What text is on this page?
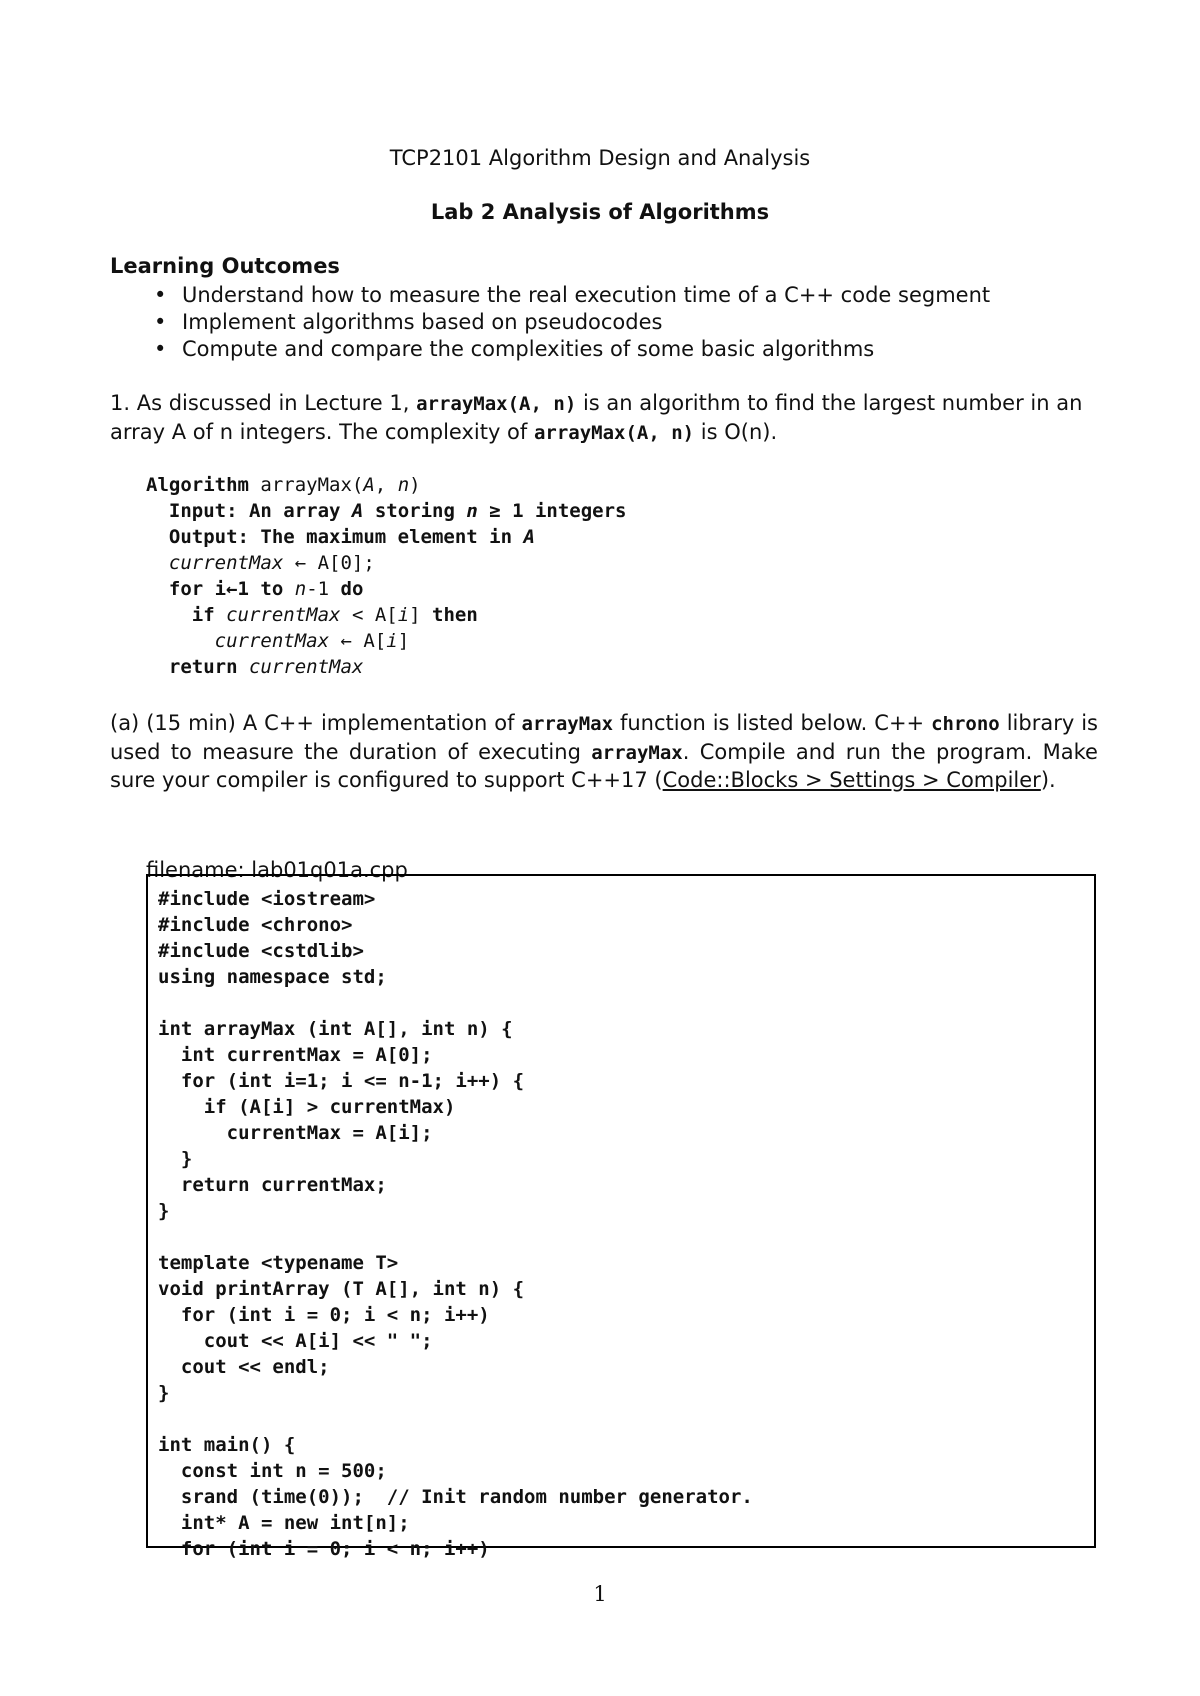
TCP2101 Algorithm Design and Analysis
Lab 2 Analysis of Algorithms
Learning Outcomes
• Understand how to measure the real execution time of a C++ code segment
• Implement algorithms based on pseudocodes
• Compute and compare the complexities of some basic algorithms
1. As discussed in Lecture 1, arrayMax(A, n) is an algorithm to find the largest number in an array A of n integers. The complexity of arrayMax(A, n) is O(n).
Algorithm arrayMax(A, n)
Input: An array A storing n ≥ 1 integers
Output: The maximum element in A
currentMax ← A[0];
for i←1 to n-1 do
if currentMax < A[i] then
currentMax ← A[i]
return currentMax
(a) (15 min) A C++ implementation of arrayMax function is listed below. C++ chrono library is used to measure the duration of executing arrayMax. Compile and run the program. Make sure your compiler is configured to support C++17 (Code::Blocks > Settings > Compiler).
filename: lab01q01a.cpp
#include <iostream>
#include <chrono>
#include <cstdlib>
using namespace std;
int arrayMax (int A[], int n) {
int currentMax = A[0];
for (int i=1; i <= n-1; i++) {
if (A[i] > currentMax)
currentMax = A[i];
}
return currentMax;
}
template <typename T>
void printArray (T A[], int n) {
for (int i = 0; i < n; i++)
cout << A[i] << " ";
cout << endl;
}
int main() {
const int n = 500;
srand (time(0));  // Init random number generator.
int* A = new int[n];
for (int i = 0; i < n; i++)
1
